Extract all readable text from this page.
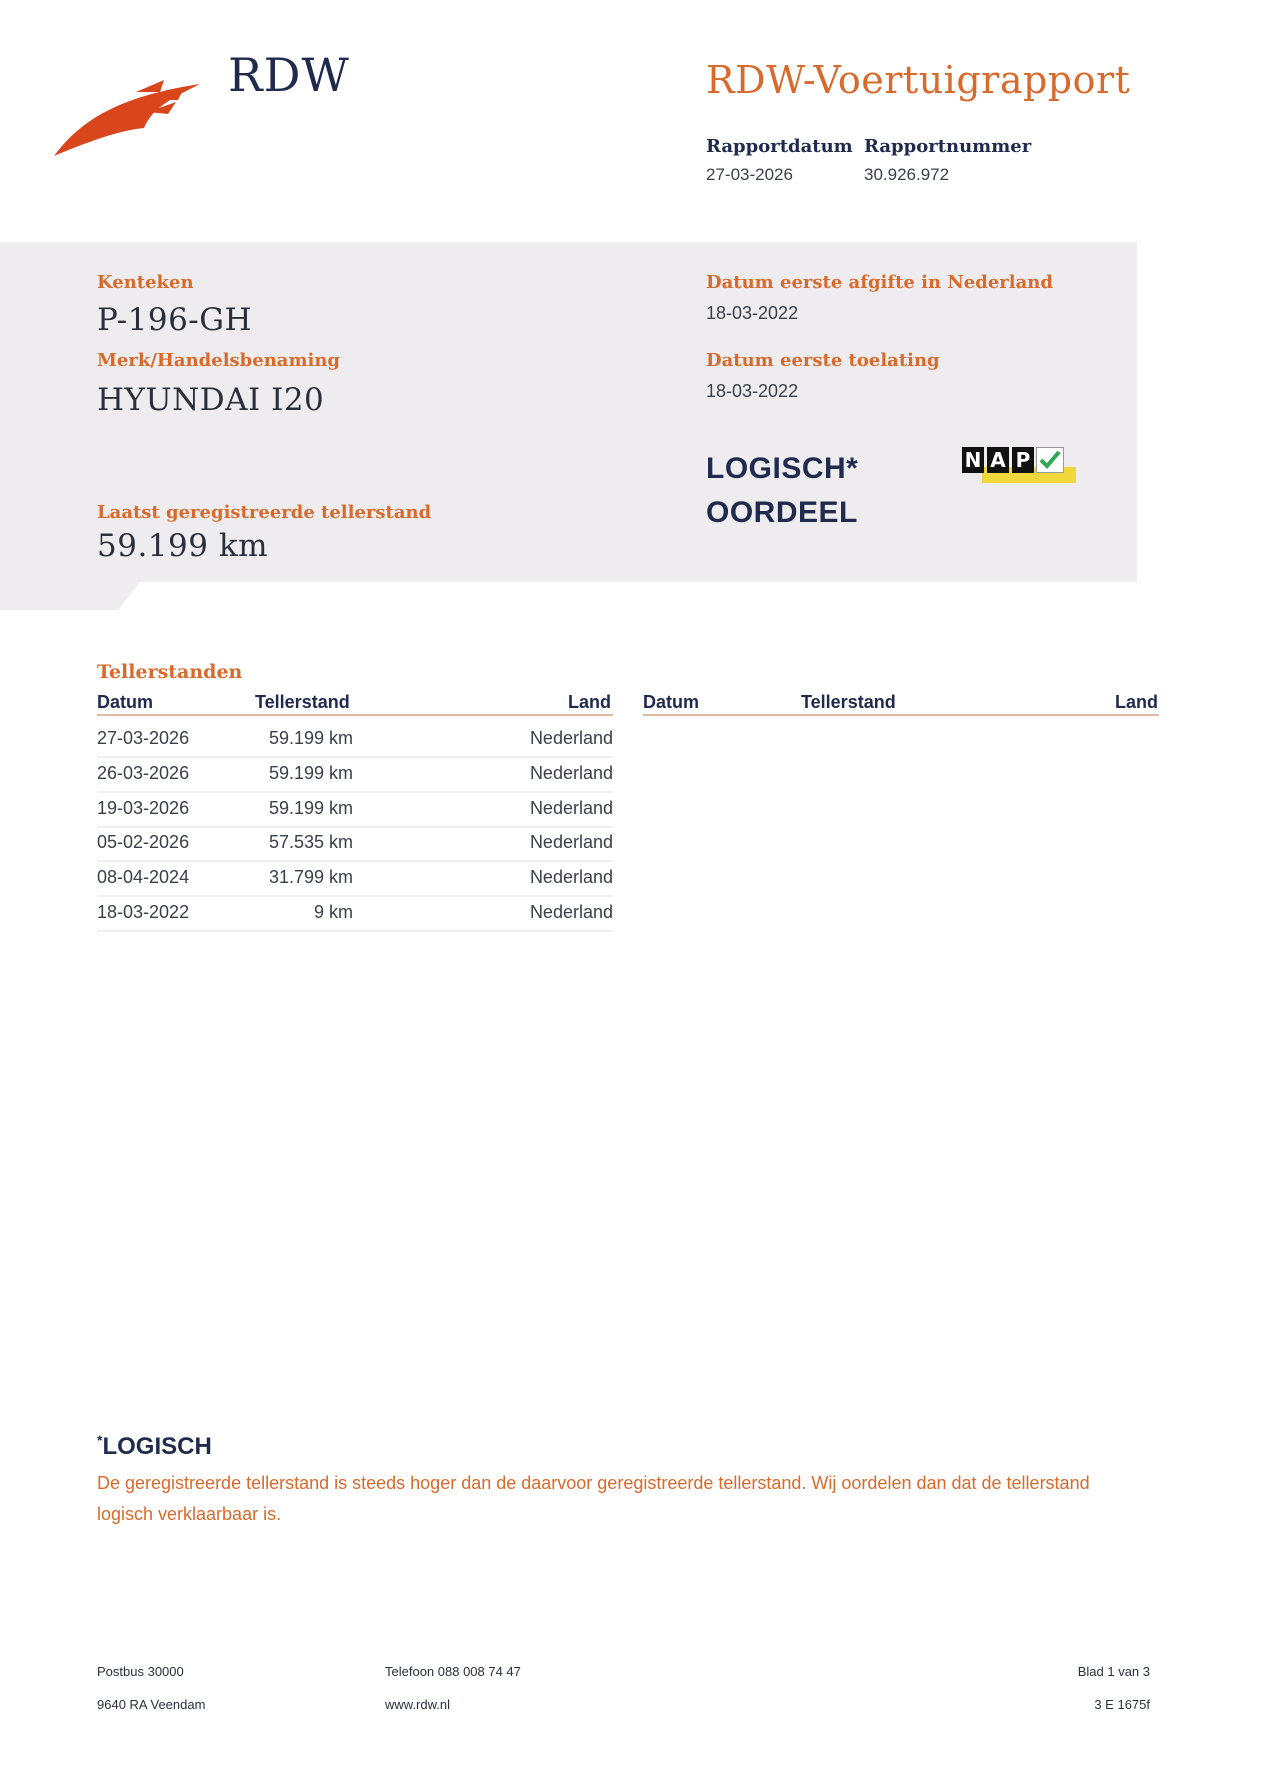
RDW	RDW-Voertuigrapport
Rapportdatum
27-03-2026
Rapportnummer
30.926.972
Kenteken
P-196-GH
Merk/Handelsbenaming
HYUNDAI I20
Laatst geregistreerde tellerstand
59.199 km
Datum eerste afgifte in Nederland
18-03-2022
Datum eerste toelating
18-03-2022
LOGISCH*
OORDEEL
N A P
Tellerstanden
Datum	Tellerstand	Land Datum	Tellerstand	Land
27-03-2026	59.199 km	Nederland
26-03-2026	59.199 km	Nederland
19-03-2026	59.199 km	Nederland
05-02-2026	57.535 km	Nederland
08-04-2024	31.799 km	Nederland
18-03-2022	9 km	Nederland
*LOGISCH
De geregistreerde tellerstand is steeds hoger dan de daarvoor geregistreerde tellerstand. Wij oordelen dan dat de tellerstand logisch verklaarbaar is.
Postbus 30000
9640 RA Veendam
Telefoon 088 008 74 47
www.rdw.nl
Blad 1 van 3
3 E 1675f
